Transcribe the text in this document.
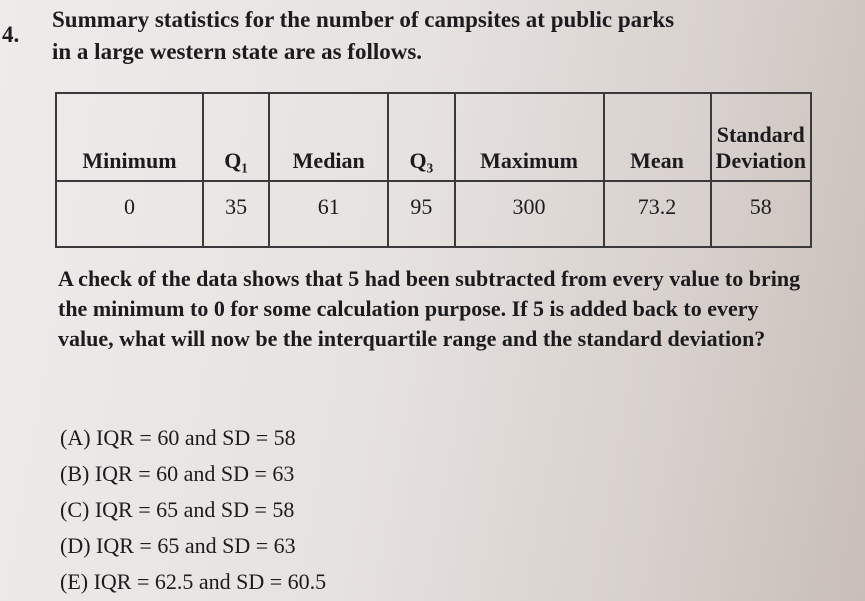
4.
Summary statistics for the number of campsites at public parks
in a large western state are as follows.
Minimum	Q₁	Median	Q₃	Maximum	Mean	Standard Deviation
0	35	61	95	300	73.2	58
A check of the data shows that 5 had been subtracted from every value to bring the minimum to 0 for some calculation purpose. If 5 is added back to every value, what will now be the interquartile range and the standard deviation?
(A) IQR = 60 and SD = 58
(B) IQR = 60 and SD = 63
(C) IQR = 65 and SD = 58
(D) IQR = 65 and SD = 63
(E) IQR = 62.5 and SD = 60.5
